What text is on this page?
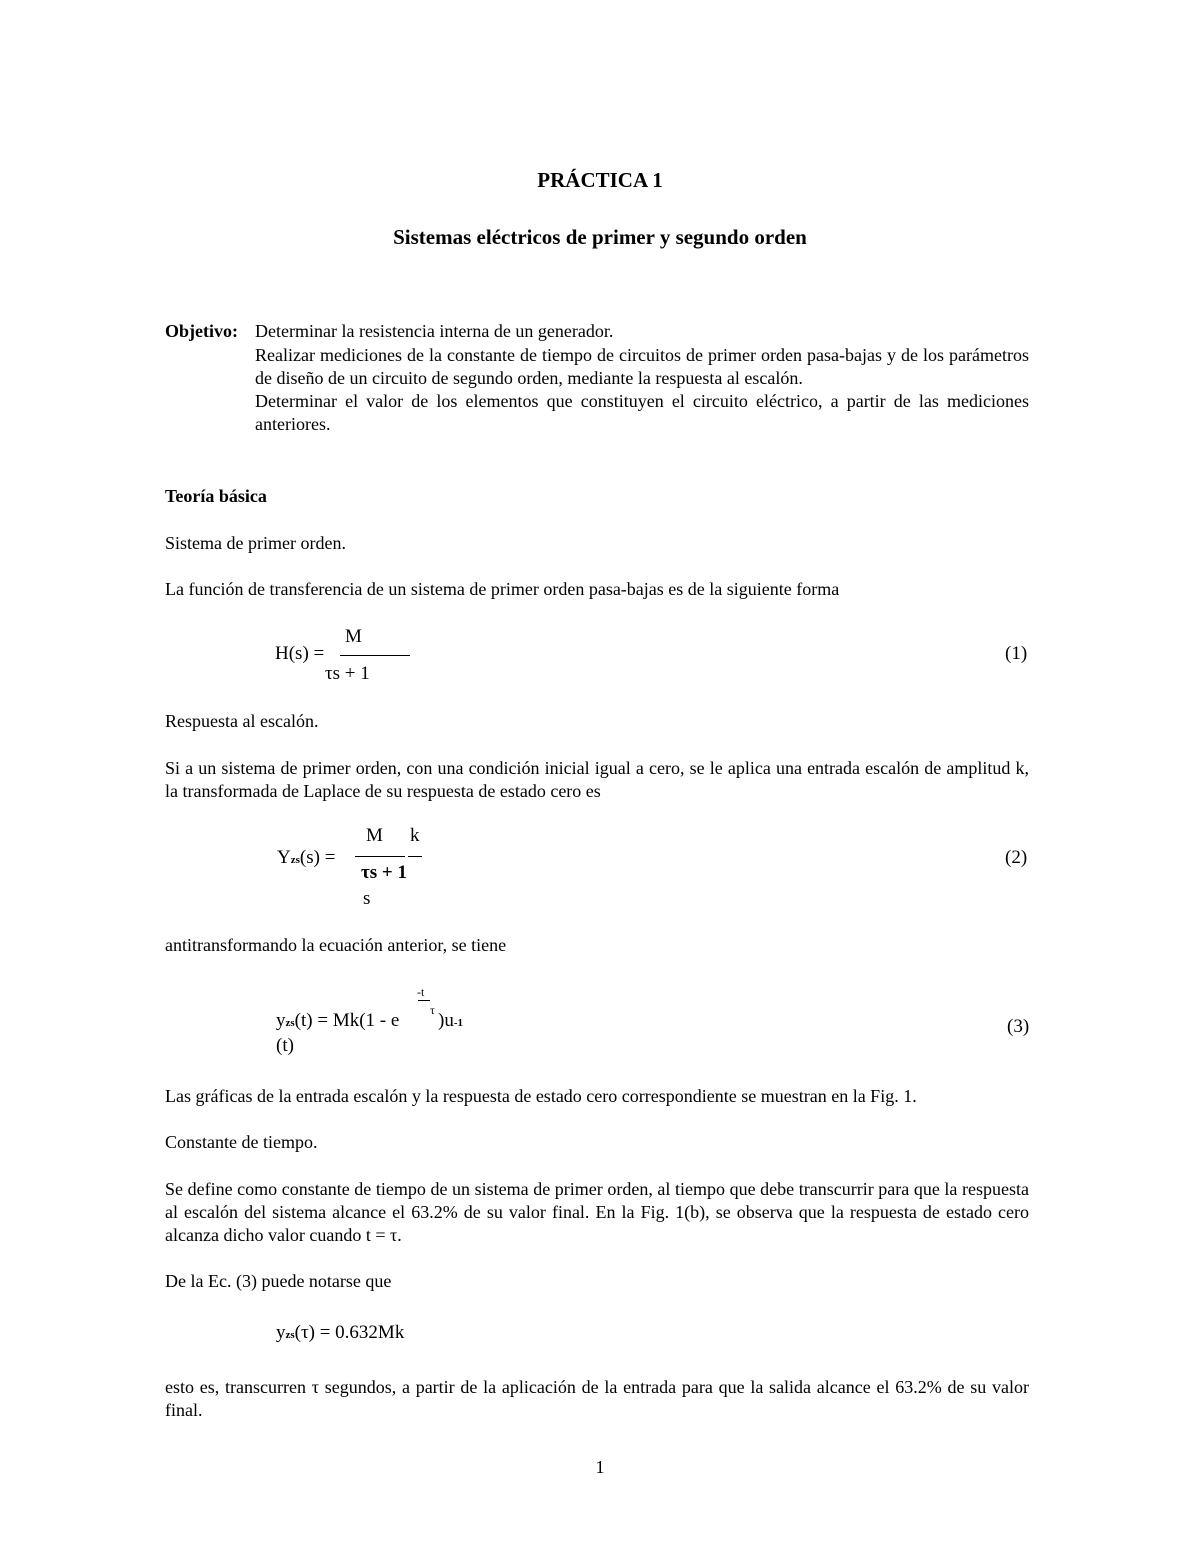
PRÁCTICA 1
Sistemas eléctricos de primer y segundo orden
Objetivo: Determinar la resistencia interna de un generador.
Realizar mediciones de la constante de tiempo de circuitos de primer orden pasa-bajas y de los parámetros de diseño de un circuito de segundo orden, mediante la respuesta al escalón.
Determinar el valor de los elementos que constituyen el circuito eléctrico, a partir de las mediciones anteriores.
Teoría básica
Sistema de primer orden.
La función de transferencia de un sistema de primer orden pasa-bajas es de la siguiente forma
H(s) =
M
τs + 1
(1)
Respuesta al escalón.
Si a un sistema de primer orden, con una condición inicial igual a cero, se le aplica una entrada escalón de amplitud k, la transformada de Laplace de su respuesta de estado cero es
Yzs(s) =
M k
τs + 1
s
(2)
antitransformando la ecuación anterior, se tiene
yzs(t) = Mk(1 - e
-t
τ )u-1
(t)
(3)
Las gráficas de la entrada escalón y la respuesta de estado cero correspondiente se muestran en la Fig. 1.
Constante de tiempo.
Se define como constante de tiempo de un sistema de primer orden, al tiempo que debe transcurrir para que la respuesta al escalón del sistema alcance el 63.2% de su valor final. En la Fig. 1(b), se observa que la respuesta de estado cero alcanza dicho valor cuando t = τ.
De la Ec. (3) puede notarse que
yzs(τ) = 0.632Mk
esto es, transcurren τ segundos, a partir de la aplicación de la entrada para que la salida alcance el 63.2% de su valor final.
1
